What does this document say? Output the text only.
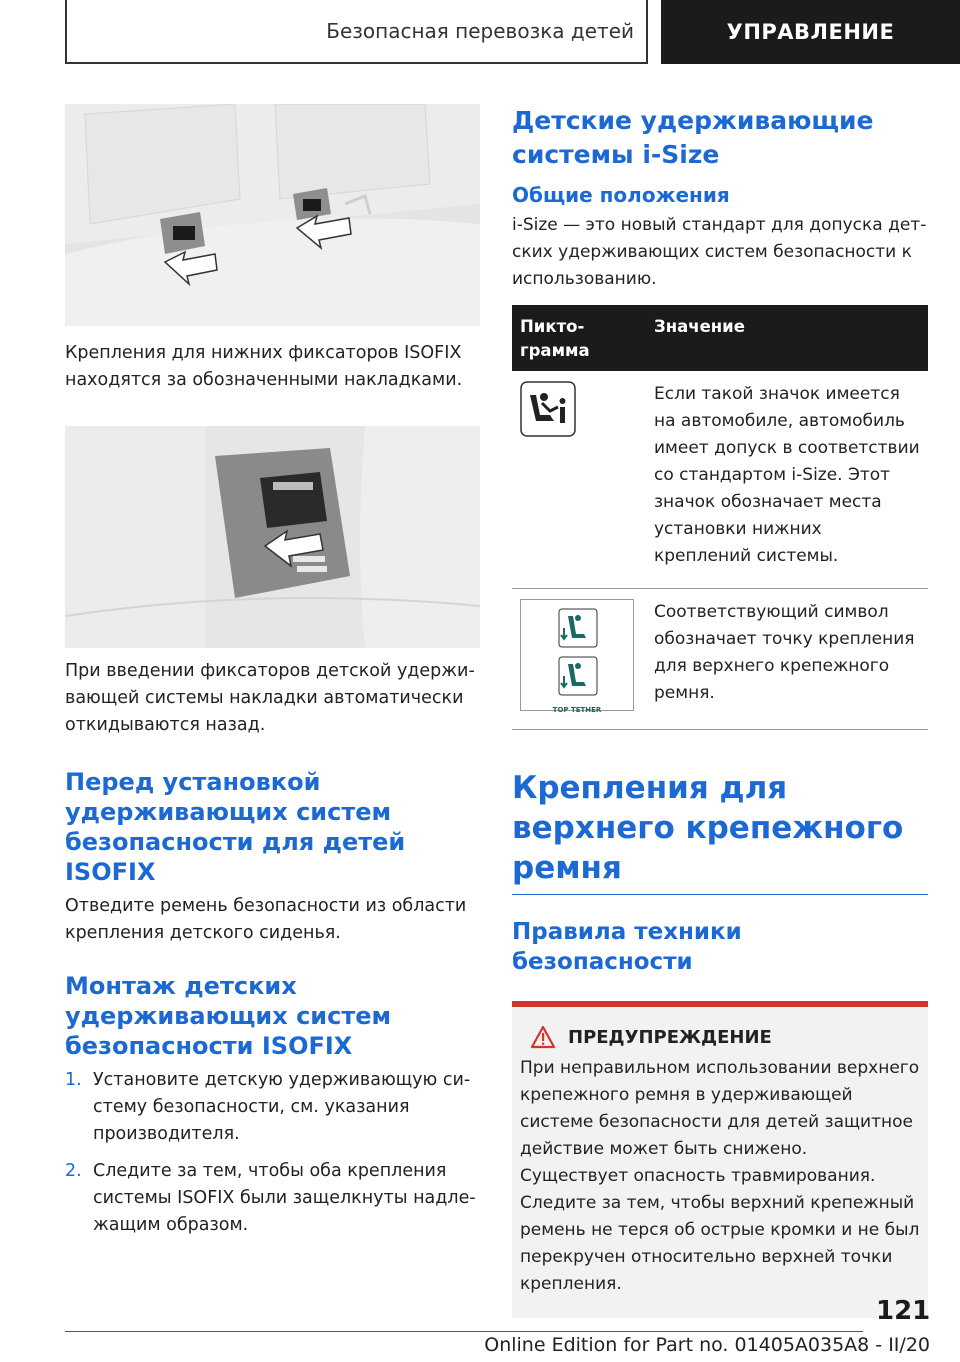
Безопасная перевозка детей	УПРАВЛЕНИЕ

Крепления для нижних фиксаторов ISOFIX находятся за обозначенными накладками.

При введении фиксаторов детской удерживающей системы накладки автоматически откидываются назад.

Перед установкой удерживающих систем безопасности для детей ISOFIX

Отведите ремень безопасности из области крепления детского сиденья.

Монтаж детских удерживающих систем безопасности ISOFIX
1. Установите детскую удерживающую систему безопасности, см. указания производителя.
2. Следите за тем, чтобы оба крепления системы ISOFIX были защелкнуты надлежащим образом.
Детские удерживающие системы i-Size
Общие положения

i-Size — это новый стандарт для допуска детских удерживающих систем безопасности к использованию.

Пиктограмма	Значение
	Если такой значок имеется на автомобиле, автомобиль имеет допуск в соответствии со стандартом i-Size. Этот значок обозначает места установки нижних креплений системы.

TOP TETHER	Соответствующий символ обозначает точку крепления для верхнего крепежного ремня.
Крепления для верхнего крепежного ремня
Правила техники безопасности
ПРЕДУПРЕЖДЕНИЕ

При неправильном использовании верхнего крепежного ремня в удерживающей системе безопасности для детей защитное действие может быть снижено. Существует опасность травмирования. Следите за тем, чтобы верхний крепежный ремень не терся об острые кромки и не был перекручен относительно верхней точки крепления.

121
Online Edition for Part no. 01405A035A8 - II/20
